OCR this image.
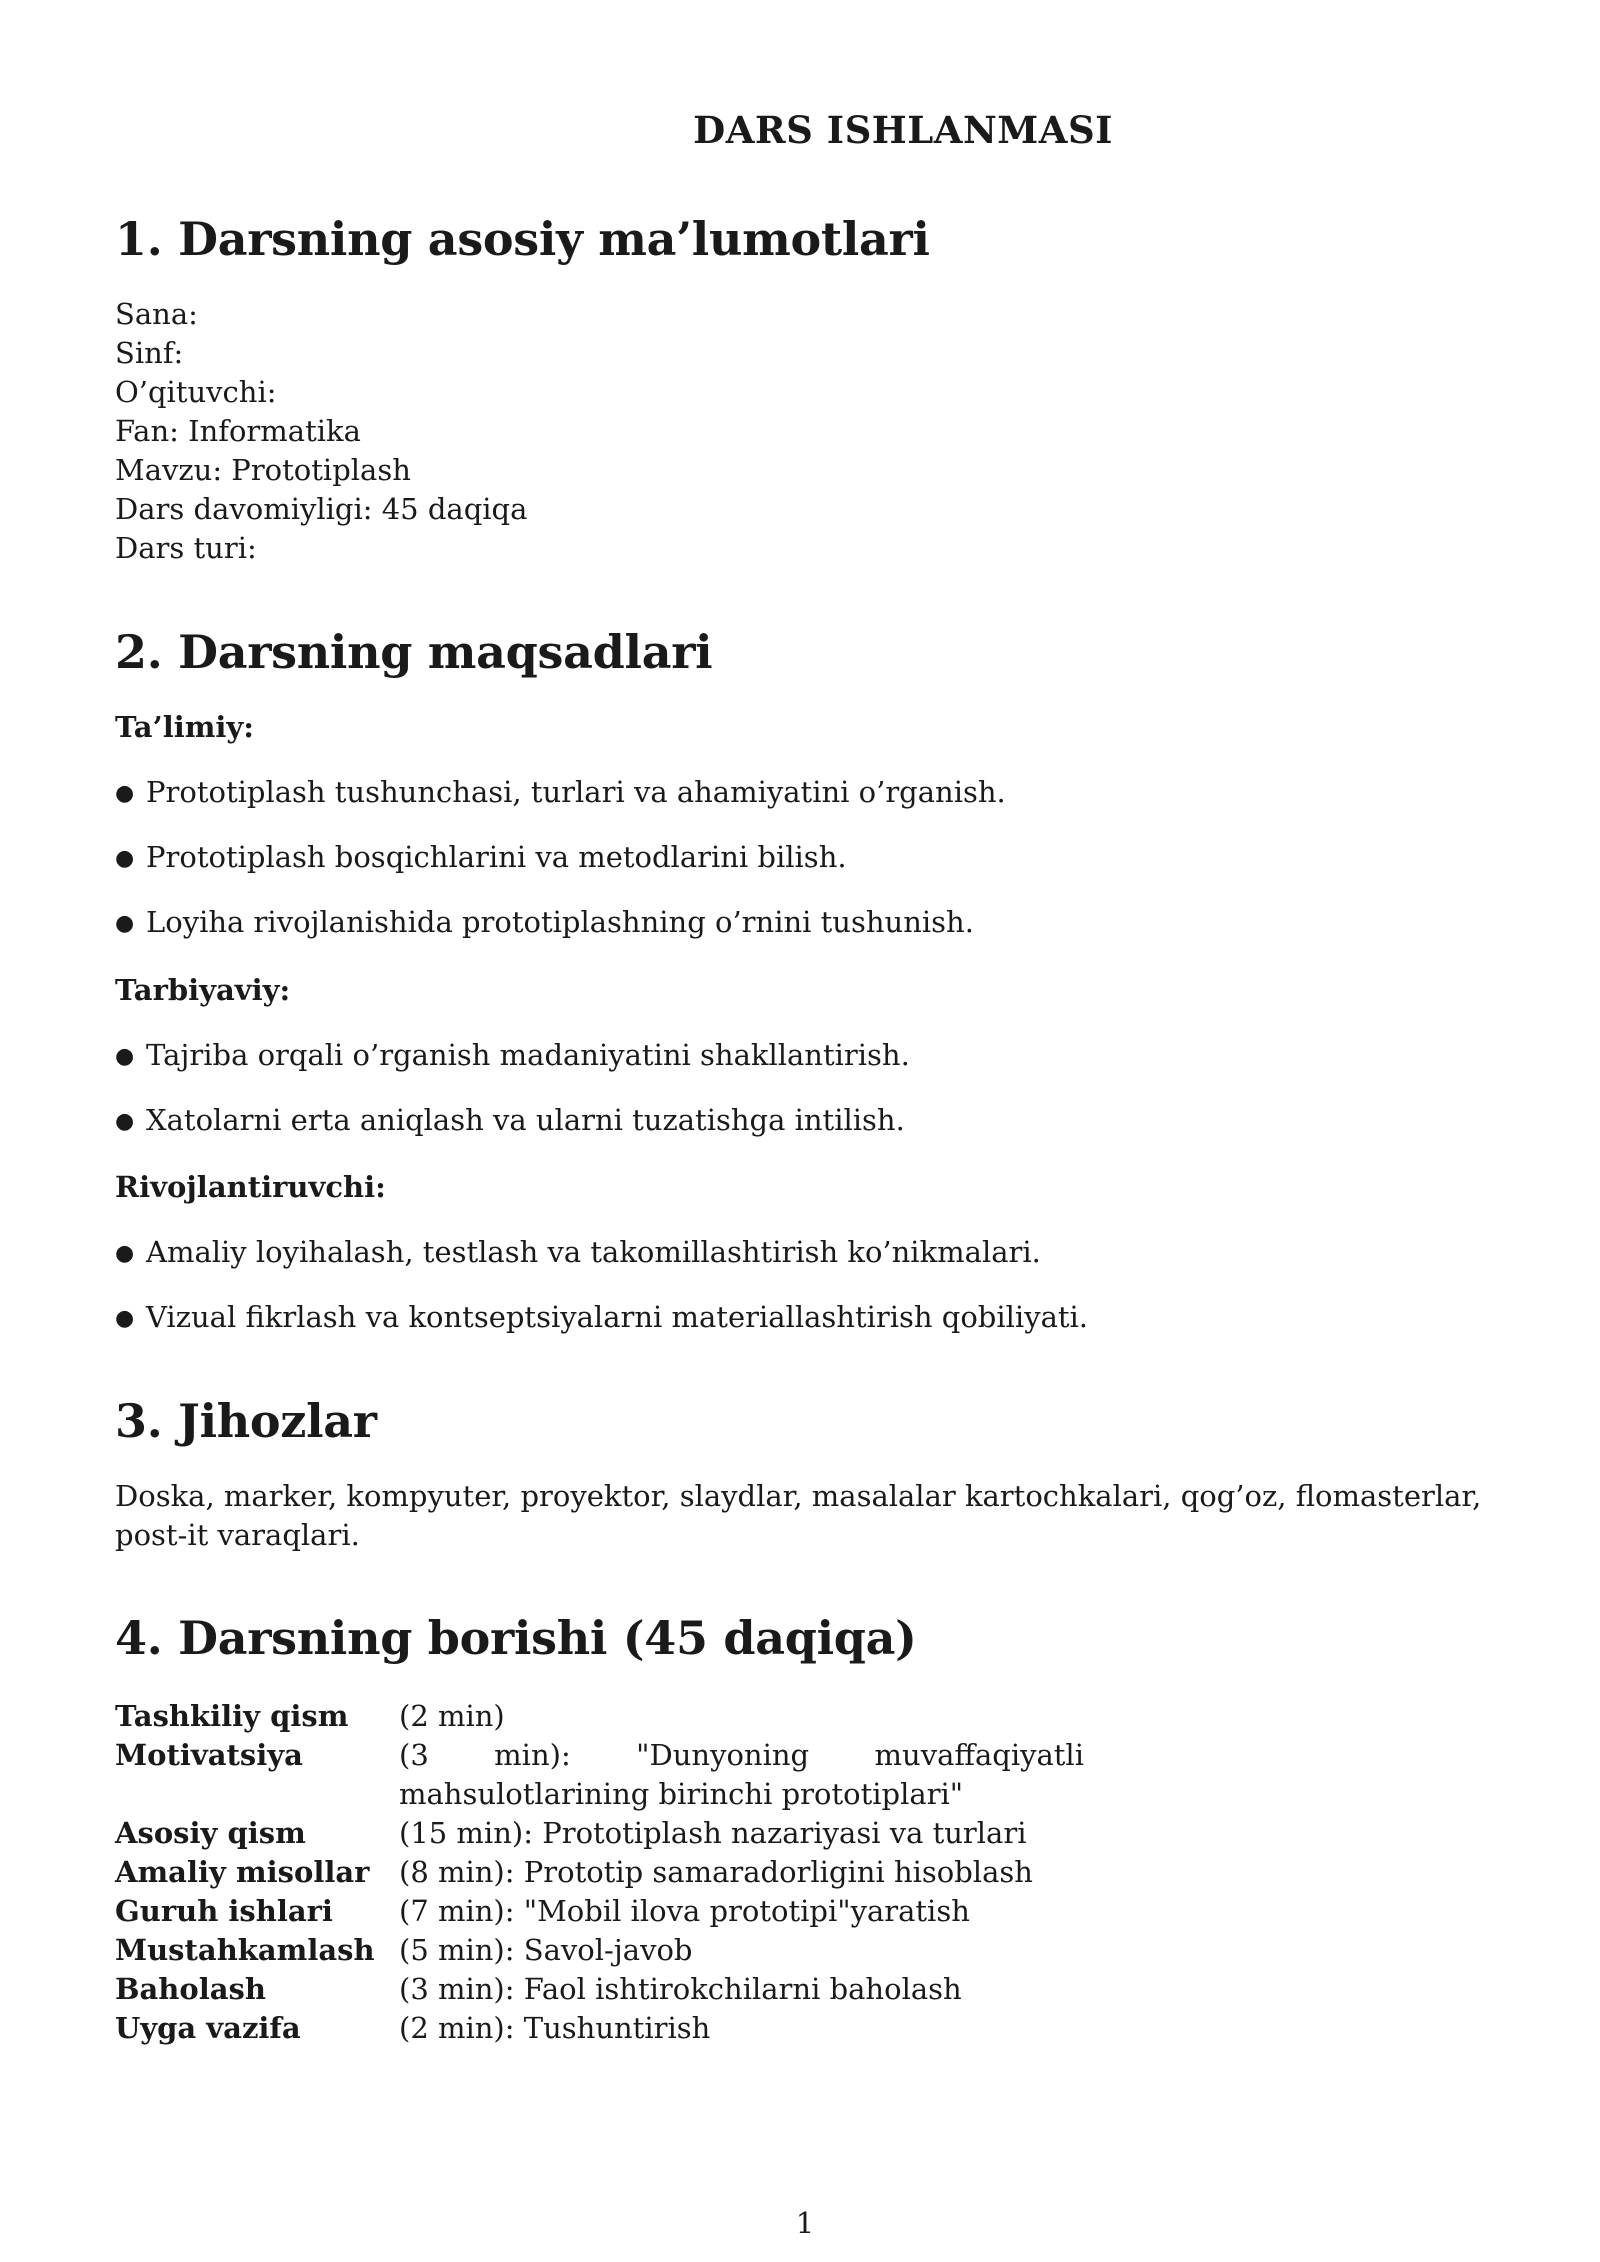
DARS ISHLANMASI
1. Darsning asosiy ma’lumotlari
Sana:
Sinf:
O’qituvchi:
Fan: Informatika
Mavzu: Prototiplash
Dars davomiyligi: 45 daqiqa
Dars turi:
2. Darsning maqsadlari
Ta’limiy:
● Prototiplash tushunchasi, turlari va ahamiyatini o’rganish.
● Prototiplash bosqichlarini va metodlarini bilish.
● Loyiha rivojlanishida prototiplashning o’rnini tushunish.
Tarbiyaviy:
● Tajriba orqali o’rganish madaniyatini shakllantirish.
● Xatolarni erta aniqlash va ularni tuzatishga intilish.
Rivojlantiruvchi:
● Amaliy loyihalash, testlash va takomillashtirish ko’nikmalari.
● Vizual fikrlash va kontseptsiyalarni materiallashtirish qobiliyati.
3. Jihozlar
Doska, marker, kompyuter, proyektor, slaydlar, masalalar kartochkalari, qog’oz, flomasterlar, post-it varaqlari.
4. Darsning borishi (45 daqiqa)
Tashkiliy qism (2 min)
Motivatsiya	(3 min): "Dunyoning muvaffaqiyatli
mahsulotlarining birinchi prototiplari"
Asosiy qism	(15 min): Prototiplash nazariyasi va turlari
Amaliy misollar (8 min): Prototip samaradorligini hisoblash
Guruh ishlari (7 min): "Mobil ilova prototipi"yaratish
Mustahkamlash (5 min): Savol-javob
Baholash	(3 min): Faol ishtirokchilarni baholash
Uyga vazifa	(2 min): Tushuntirish
1
